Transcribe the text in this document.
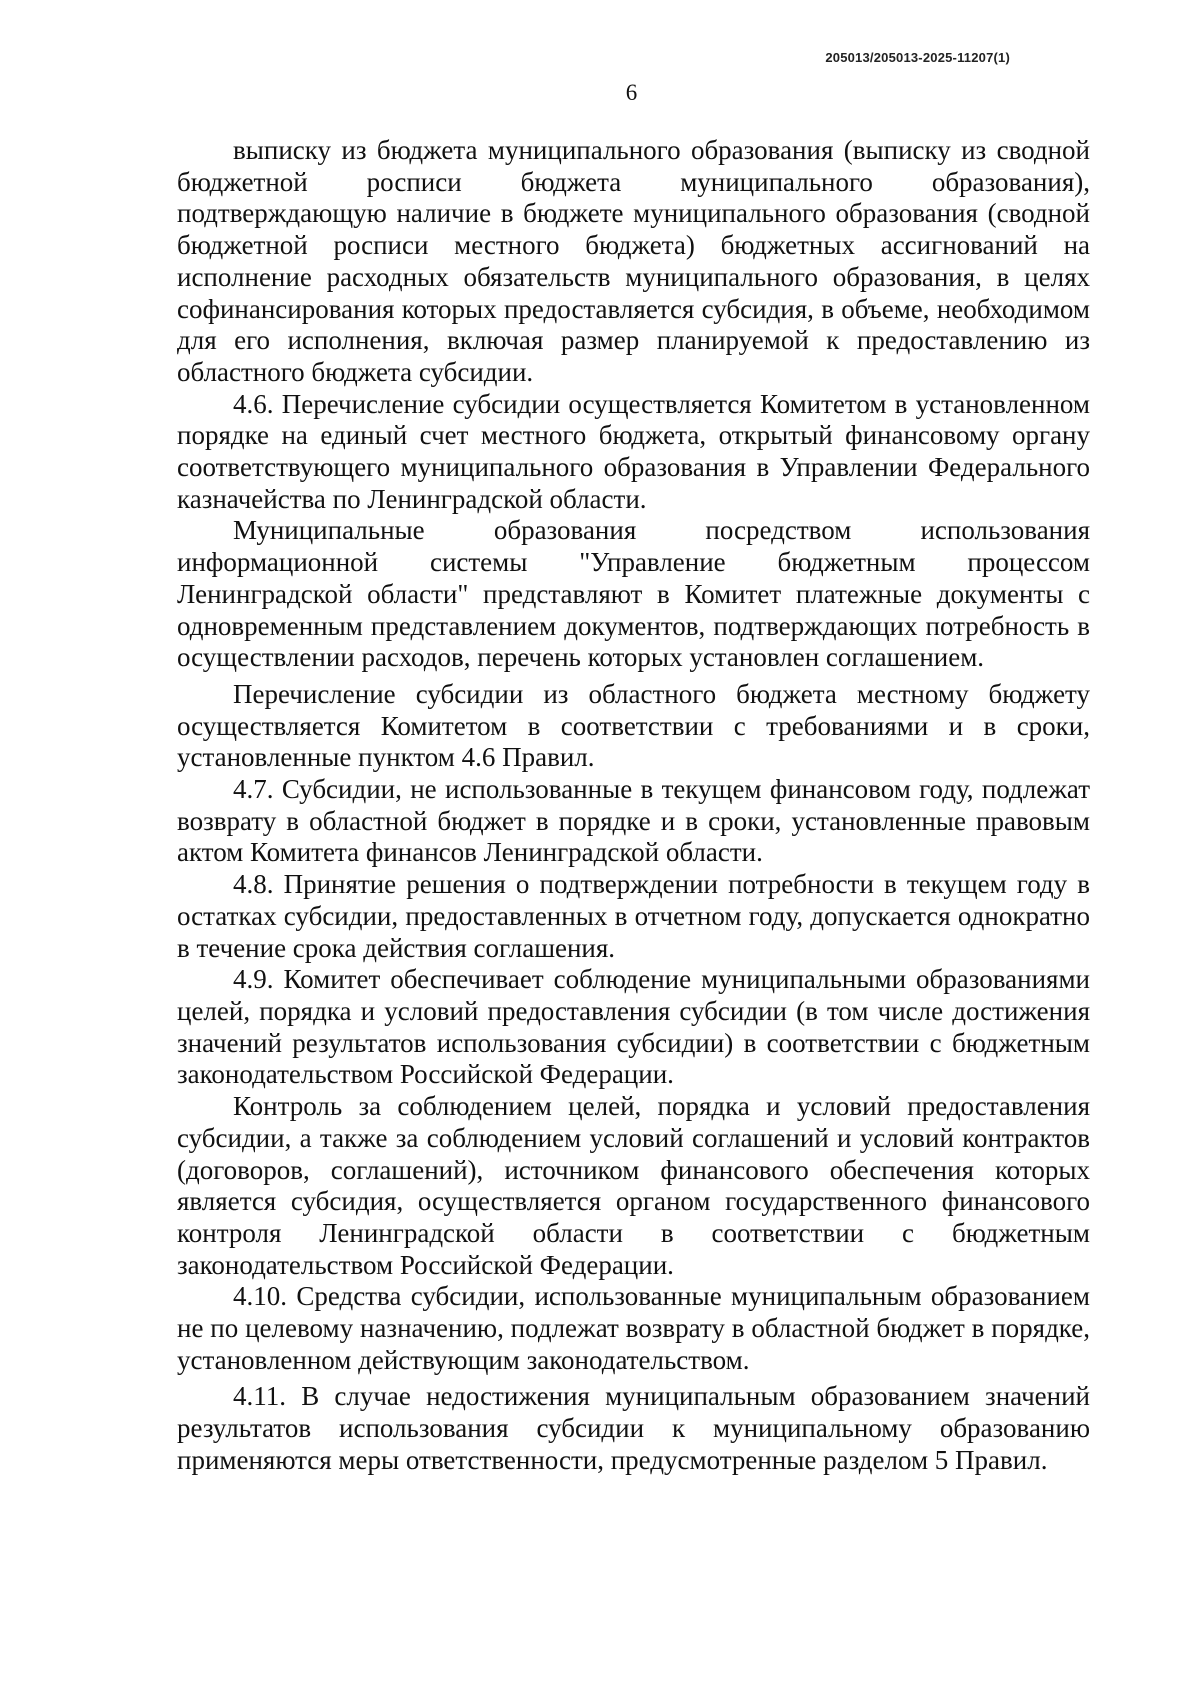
205013/205013-2025-11207(1)
6

выписку из бюджета муниципального образования (выписку из сводной бюджетной росписи бюджета муниципального образования), подтверждающую наличие в бюджете муниципального образования (сводной бюджетной росписи местного бюджета) бюджетных ассигнований на исполнение расходных обязательств муниципального образования, в целях софинансирования которых предоставляется субсидия, в объеме, необходимом для его исполнения, включая размер планируемой к предоставлению из областного бюджета субсидии.

4.6. Перечисление субсидии осуществляется Комитетом в установленном порядке на единый счет местного бюджета, открытый финансовому органу соответствующего муниципального образования в Управлении Федерального казначейства по Ленинградской области.

Муниципальные образования посредством использования информационной системы "Управление бюджетным процессом Ленинградской области" представляют в Комитет платежные документы с одновременным представлением документов, подтверждающих потребность в осуществлении расходов, перечень которых установлен соглашением.

Перечисление субсидии из областного бюджета местному бюджету осуществляется Комитетом в соответствии с требованиями и в сроки, установленные пунктом 4.6 Правил.

4.7. Субсидии, не использованные в текущем финансовом году, подлежат возврату в областной бюджет в порядке и в сроки, установленные правовым актом Комитета финансов Ленинградской области.

4.8. Принятие решения о подтверждении потребности в текущем году в остатках субсидии, предоставленных в отчетном году, допускается однократно в течение срока действия соглашения.

4.9. Комитет обеспечивает соблюдение муниципальными образованиями целей, порядка и условий предоставления субсидии (в том числе достижения значений результатов использования субсидии) в соответствии с бюджетным законодательством Российской Федерации.

Контроль за соблюдением целей, порядка и условий предоставления субсидии, а также за соблюдением условий соглашений и условий контрактов (договоров, соглашений), источником финансового обеспечения которых является субсидия, осуществляется органом государственного финансового контроля Ленинградской области в соответствии с бюджетным законодательством Российской Федерации.

4.10. Средства субсидии, использованные муниципальным образованием не по целевому назначению, подлежат возврату в областной бюджет в порядке, установленном действующим законодательством.

4.11. В случае недостижения муниципальным образованием значений результатов использования субсидии к муниципальному образованию применяются меры ответственности, предусмотренные разделом 5 Правил.
